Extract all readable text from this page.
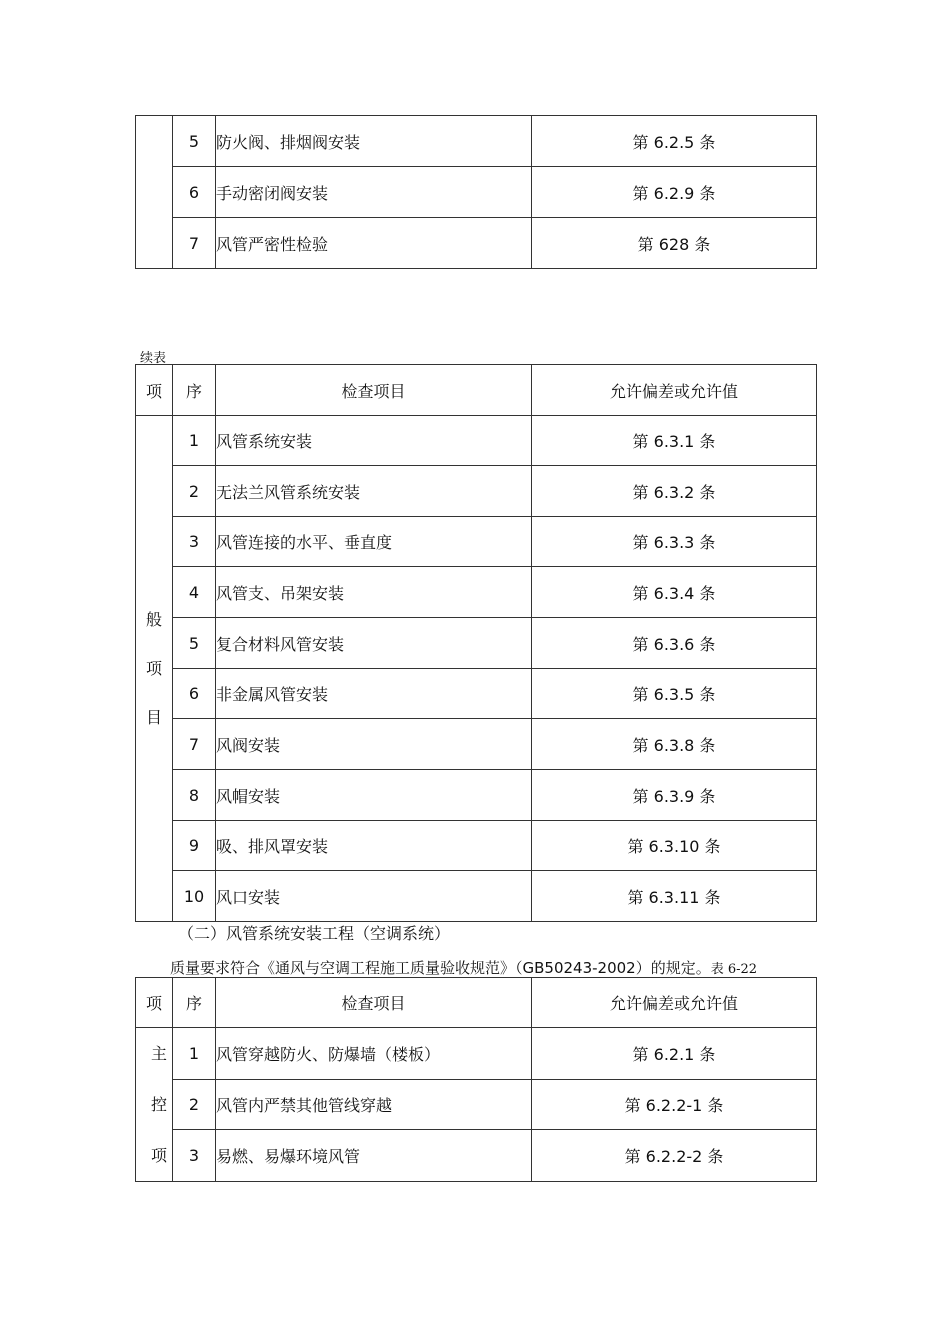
	5	防火阀、排烟阀安装	第 6.2.5 条
	6	手动密闭阀安装	第 6.2.9 条
	7	风管严密性检验	第 628 条
续表
项	序	检查项目	允许偏差或允许值

般
项
目	1	风管系统安装	第 6.3.1 条
	2	无法兰风管系统安装	第 6.3.2 条
	3	风管连接的水平、垂直度	第 6.3.3 条
	4	风管支、吊架安装	第 6.3.4 条
	5	复合材料风管安装	第 6.3.6 条
	6	非金属风管安装	第 6.3.5 条
	7	风阀安装	第 6.3.8 条
	8	风帽安装	第 6.3.9 条
	9	吸、排风罩安装	第 6.3.10 条
	10	风口安装	第 6.3.11 条
（二）风管系统安装工程（空调系统）
质量要求符合《通风与空调工程施工质量验收规范》（GB50243-2002）的规定。表 6-22
项	序	检查项目	允许偏差或允许值

主
控
项	1	风管穿越防火、防爆墙（楼板）	第 6.2.1 条
	2	风管内严禁其他管线穿越	第 6.2.2-1 条
	3	易燃、易爆环境风管	第 6.2.2-2 条
